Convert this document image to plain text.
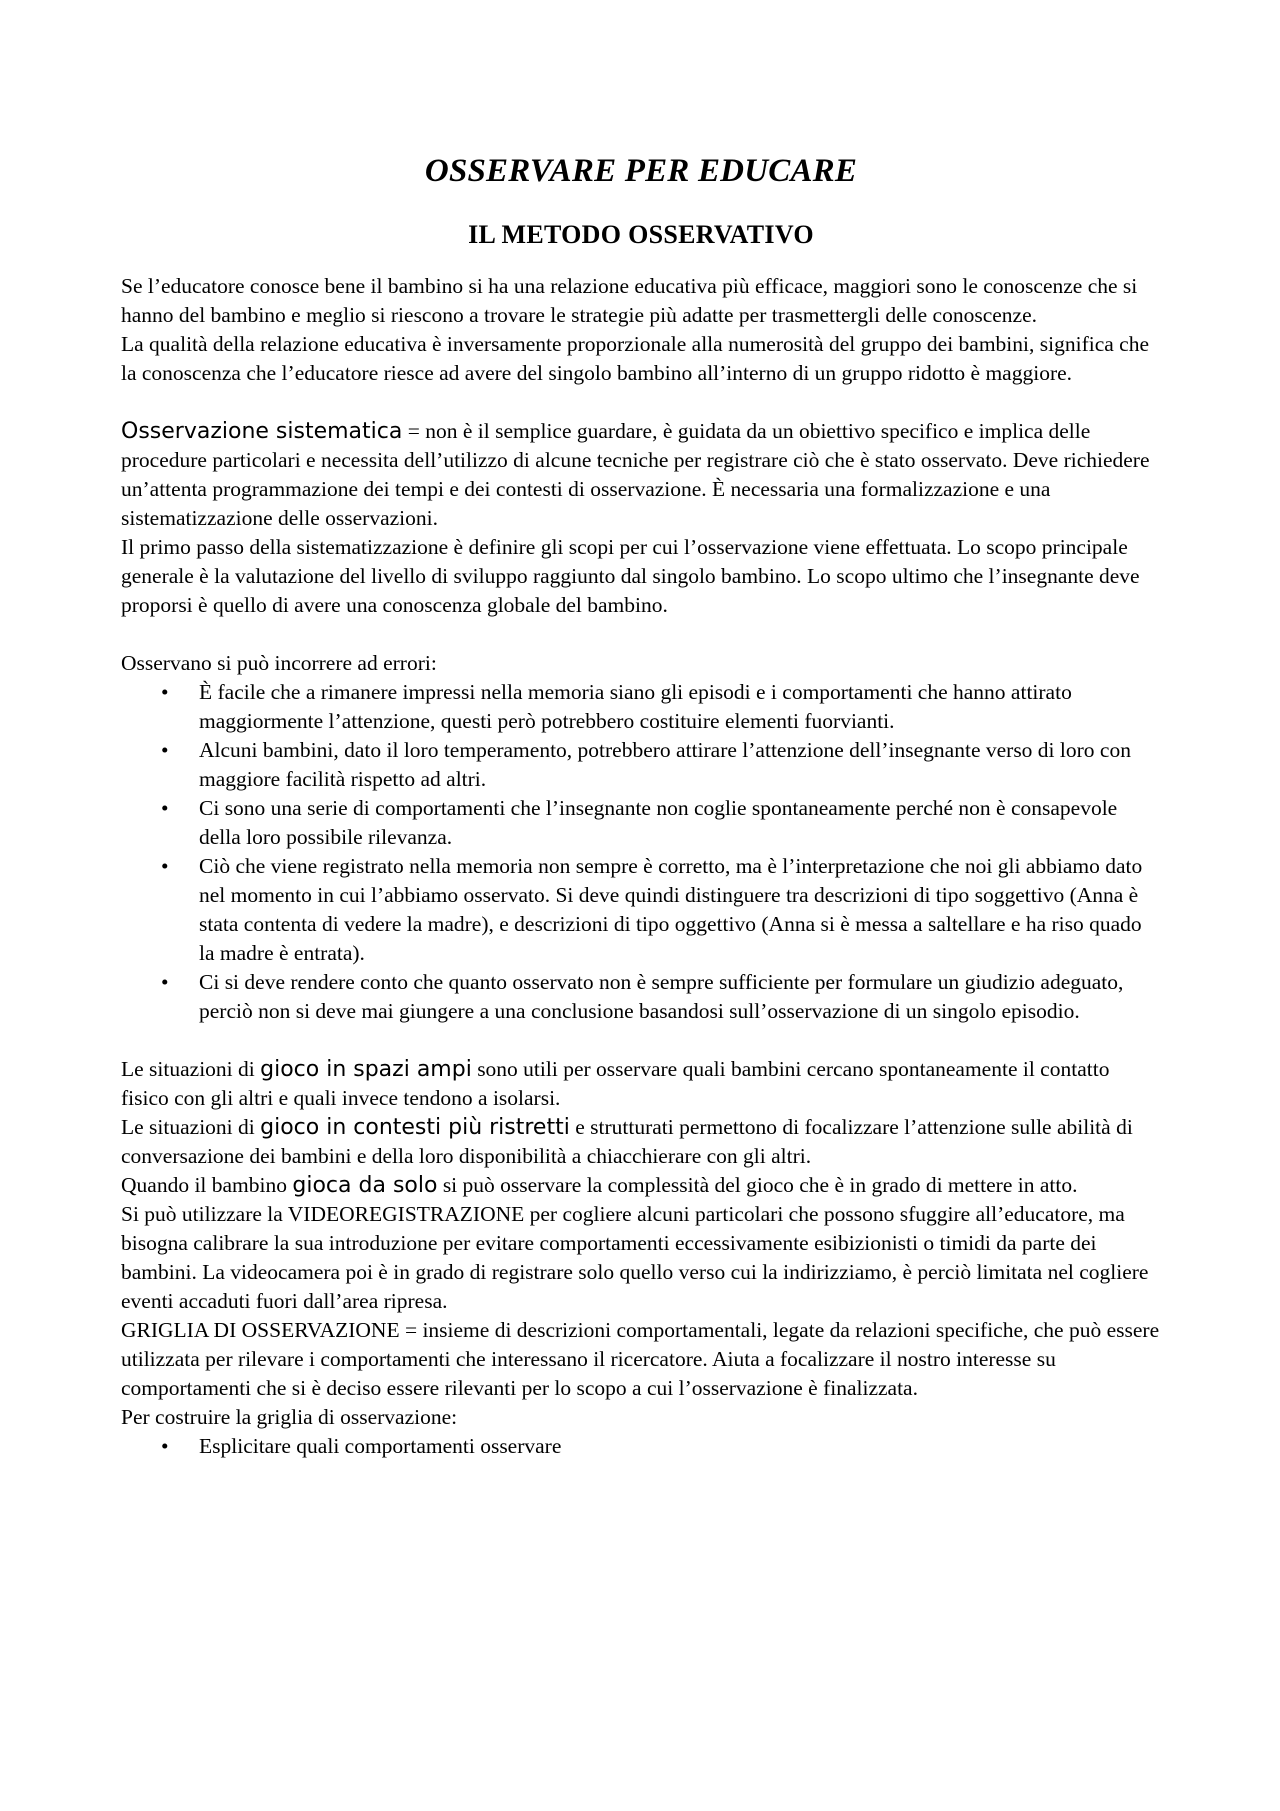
OSSERVARE PER EDUCARE
IL METODO OSSERVATIVO

Se l’educatore conosce bene il bambino si ha una relazione educativa più efficace, maggiori sono le conoscenze che si hanno del bambino e meglio si riescono a trovare le strategie più adatte per trasmettergli delle conoscenze.

La qualità della relazione educativa è inversamente proporzionale alla numerosità del gruppo dei bambini, significa che la conoscenza che l’educatore riesce ad avere del singolo bambino all’interno di un gruppo ridotto è maggiore.

Osservazione sistematica = non è il semplice guardare, è guidata da un obiettivo specifico e implica delle procedure particolari e necessita dell’utilizzo di alcune tecniche per registrare ciò che è stato osservato. Deve richiedere un’attenta programmazione dei tempi e dei contesti di osservazione. È necessaria una formalizzazione e una sistematizzazione delle osservazioni.

Il primo passo della sistematizzazione è definire gli scopi per cui l’osservazione viene effettuata. Lo scopo principale generale è la valutazione del livello di sviluppo raggiunto dal singolo bambino. Lo scopo ultimo che l’insegnante deve proporsi è quello di avere una conoscenza globale del bambino.

Osservano si può incorrere ad errori:

• È facile che a rimanere impressi nella memoria siano gli episodi e i comportamenti che hanno attirato maggiormente l’attenzione, questi però potrebbero costituire elementi fuorvianti.
• Alcuni bambini, dato il loro temperamento, potrebbero attirare l’attenzione dell’insegnante verso di loro con maggiore facilità rispetto ad altri.
• Ci sono una serie di comportamenti che l’insegnante non coglie spontaneamente perché non è consapevole della loro possibile rilevanza.
• Ciò che viene registrato nella memoria non sempre è corretto, ma è l’interpretazione che noi gli abbiamo dato nel momento in cui l’abbiamo osservato. Si deve quindi distinguere tra descrizioni di tipo soggettivo (Anna è stata contenta di vedere la madre), e descrizioni di tipo oggettivo (Anna si è messa a saltellare e ha riso quado la madre è entrata).
• Ci si deve rendere conto che quanto osservato non è sempre sufficiente per formulare un giudizio adeguato, perciò non si deve mai giungere a una conclusione basandosi sull’osservazione di un singolo episodio.

Le situazioni di gioco in spazi ampi sono utili per osservare quali bambini cercano spontaneamente il contatto fisico con gli altri e quali invece tendono a isolarsi.

Le situazioni di gioco in contesti più ristretti e strutturati permettono di focalizzare l’attenzione sulle abilità di conversazione dei bambini e della loro disponibilità a chiacchierare con gli altri.

Quando il bambino gioca da solo si può osservare la complessità del gioco che è in grado di mettere in atto.

Si può utilizzare la VIDEOREGISTRAZIONE per cogliere alcuni particolari che possono sfuggire all’educatore, ma bisogna calibrare la sua introduzione per evitare comportamenti eccessivamente esibizionisti o timidi da parte dei bambini. La videocamera poi è in grado di registrare solo quello verso cui la indirizziamo, è perciò limitata nel cogliere eventi accaduti fuori dall’area ripresa.

GRIGLIA DI OSSERVAZIONE = insieme di descrizioni comportamentali, legate da relazioni specifiche, che può essere utilizzata per rilevare i comportamenti che interessano il ricercatore. Aiuta a focalizzare il nostro interesse su comportamenti che si è deciso essere rilevanti per lo scopo a cui l’osservazione è finalizzata.

Per costruire la griglia di osservazione:

• Esplicitare quali comportamenti osservare
